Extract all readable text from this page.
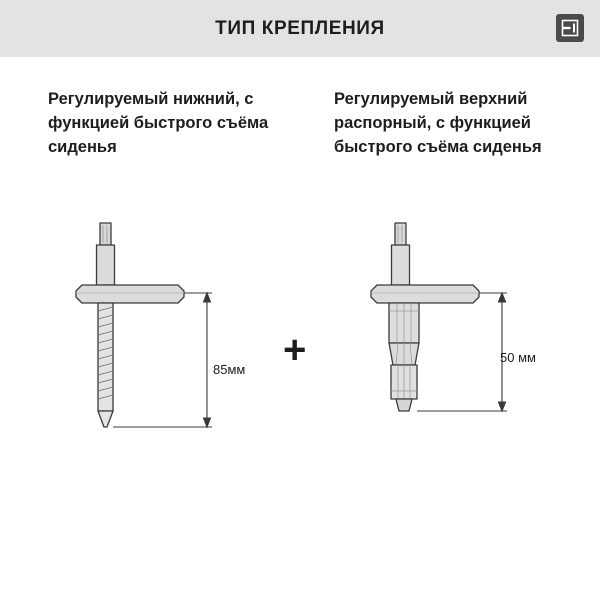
ТИП КРЕПЛЕНИЯ
Регулируемый нижний, с функцией быстрого съёма сиденья
Регулируемый верхний распорный, с функцией быстрого съёма сиденья
+
85мм
50 мм
